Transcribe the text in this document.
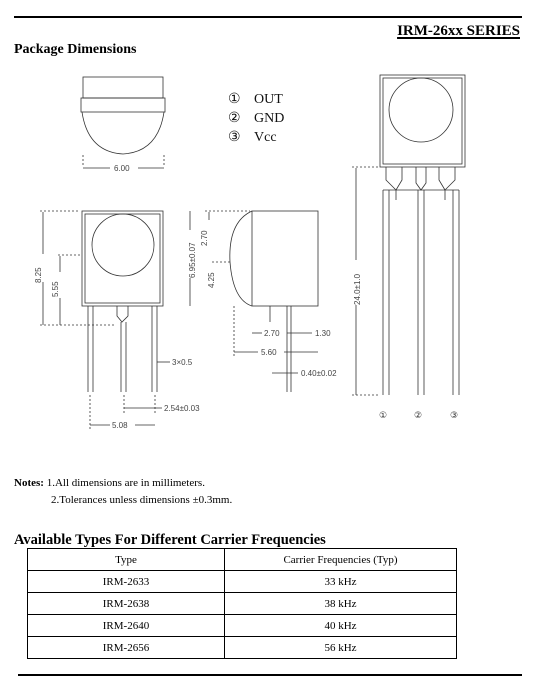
IRM-26xx SERIES
Package Dimensions
6.00
8.25
5.55
3×0.5
2.54±0.03
5.08
2.70
6.95±0.07
4.25
2.70	1.30
5.60
0.40±0.02
24.0±1.0
①	②	③
① OUT
② GND
③ Vcc
Notes: 1.All dimensions are in millimeters.
2.Tolerances unless dimensions ±0.3mm.
Available Types For Different Carrier Frequencies
Type	Carrier Frequencies (Typ)
IRM-2633	33 kHz
IRM-2638	38 kHz
IRM-2640	40 kHz
IRM-2656	56 kHz
